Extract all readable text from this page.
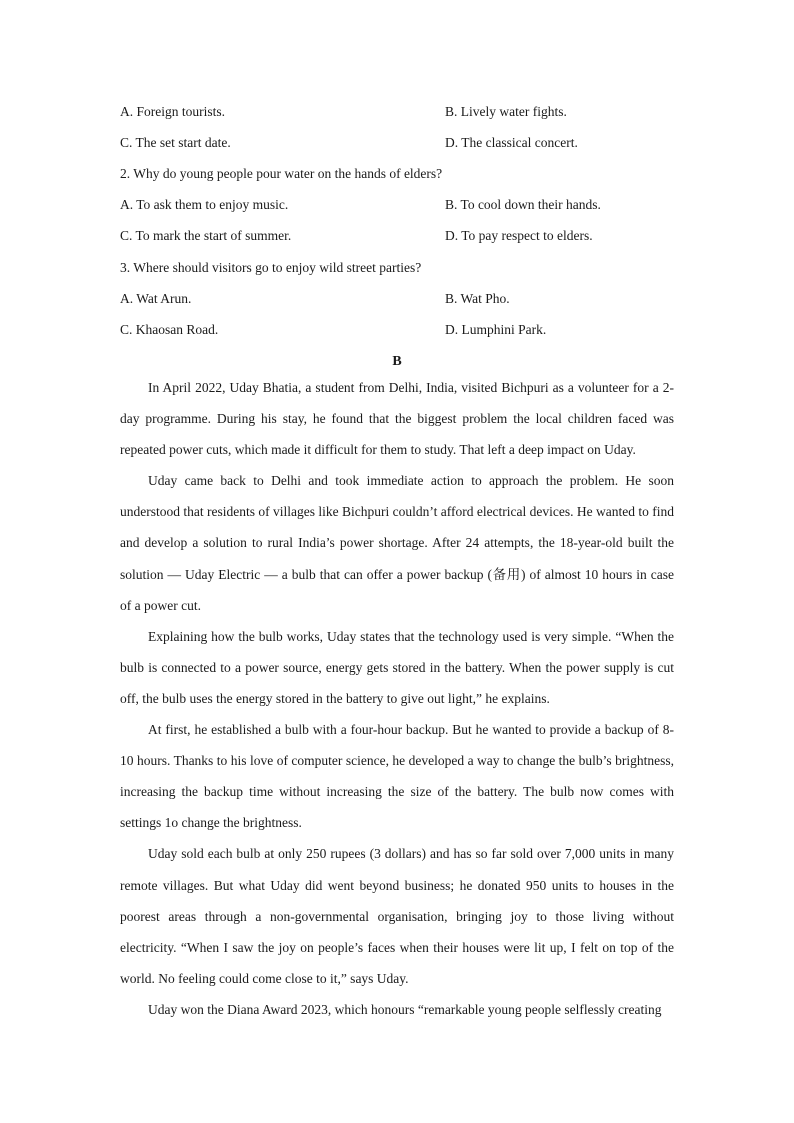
A. Foreign tourists.	B. Lively water fights.
C. The set start date.	D. The classical concert.
2. Why do young people pour water on the hands of elders?
A. To ask them to enjoy music.	B. To cool down their hands.
C. To mark the start of summer.	D. To pay respect to elders.
3. Where should visitors go to enjoy wild street parties?
A. Wat Arun.	B. Wat Pho.
C. Khaosan Road.	D. Lumphini Park.
B

In April 2022, Uday Bhatia, a student from Delhi, India, visited Bichpuri as a volunteer for a 2-day programme. During his stay, he found that the biggest problem the local children faced was repeated power cuts, which made it difficult for them to study. That left a deep impact on Uday.

Uday came back to Delhi and took immediate action to approach the problem. He soon understood that residents of villages like Bichpuri couldn’t afford electrical devices. He wanted to find and develop a solution to rural India’s power shortage. After 24 attempts, the 18-year-old built the solution — Uday Electric — a bulb that can offer a power backup (备用) of almost 10 hours in case of a power cut.

Explaining how the bulb works, Uday states that the technology used is very simple. “When the bulb is connected to a power source, energy gets stored in the battery. When the power supply is cut off, the bulb uses the energy stored in the battery to give out light,” he explains.

At first, he established a bulb with a four-hour backup. But he wanted to provide a backup of 8-10 hours. Thanks to his love of computer science, he developed a way to change the bulb’s brightness, increasing the backup time without increasing the size of the battery. The bulb now comes with settings 1o change the brightness.

Uday sold each bulb at only 250 rupees (3 dollars) and has so far sold over 7,000 units in many remote villages. But what Uday did went beyond business; he donated 950 units to houses in the poorest areas through a non-governmental organisation, bringing joy to those living without electricity. “When I saw the joy on people’s faces when their houses were lit up, I felt on top of the world. No feeling could come close to it,” says Uday.

Uday won the Diana Award 2023, which honours “remarkable young people selflessly creating
